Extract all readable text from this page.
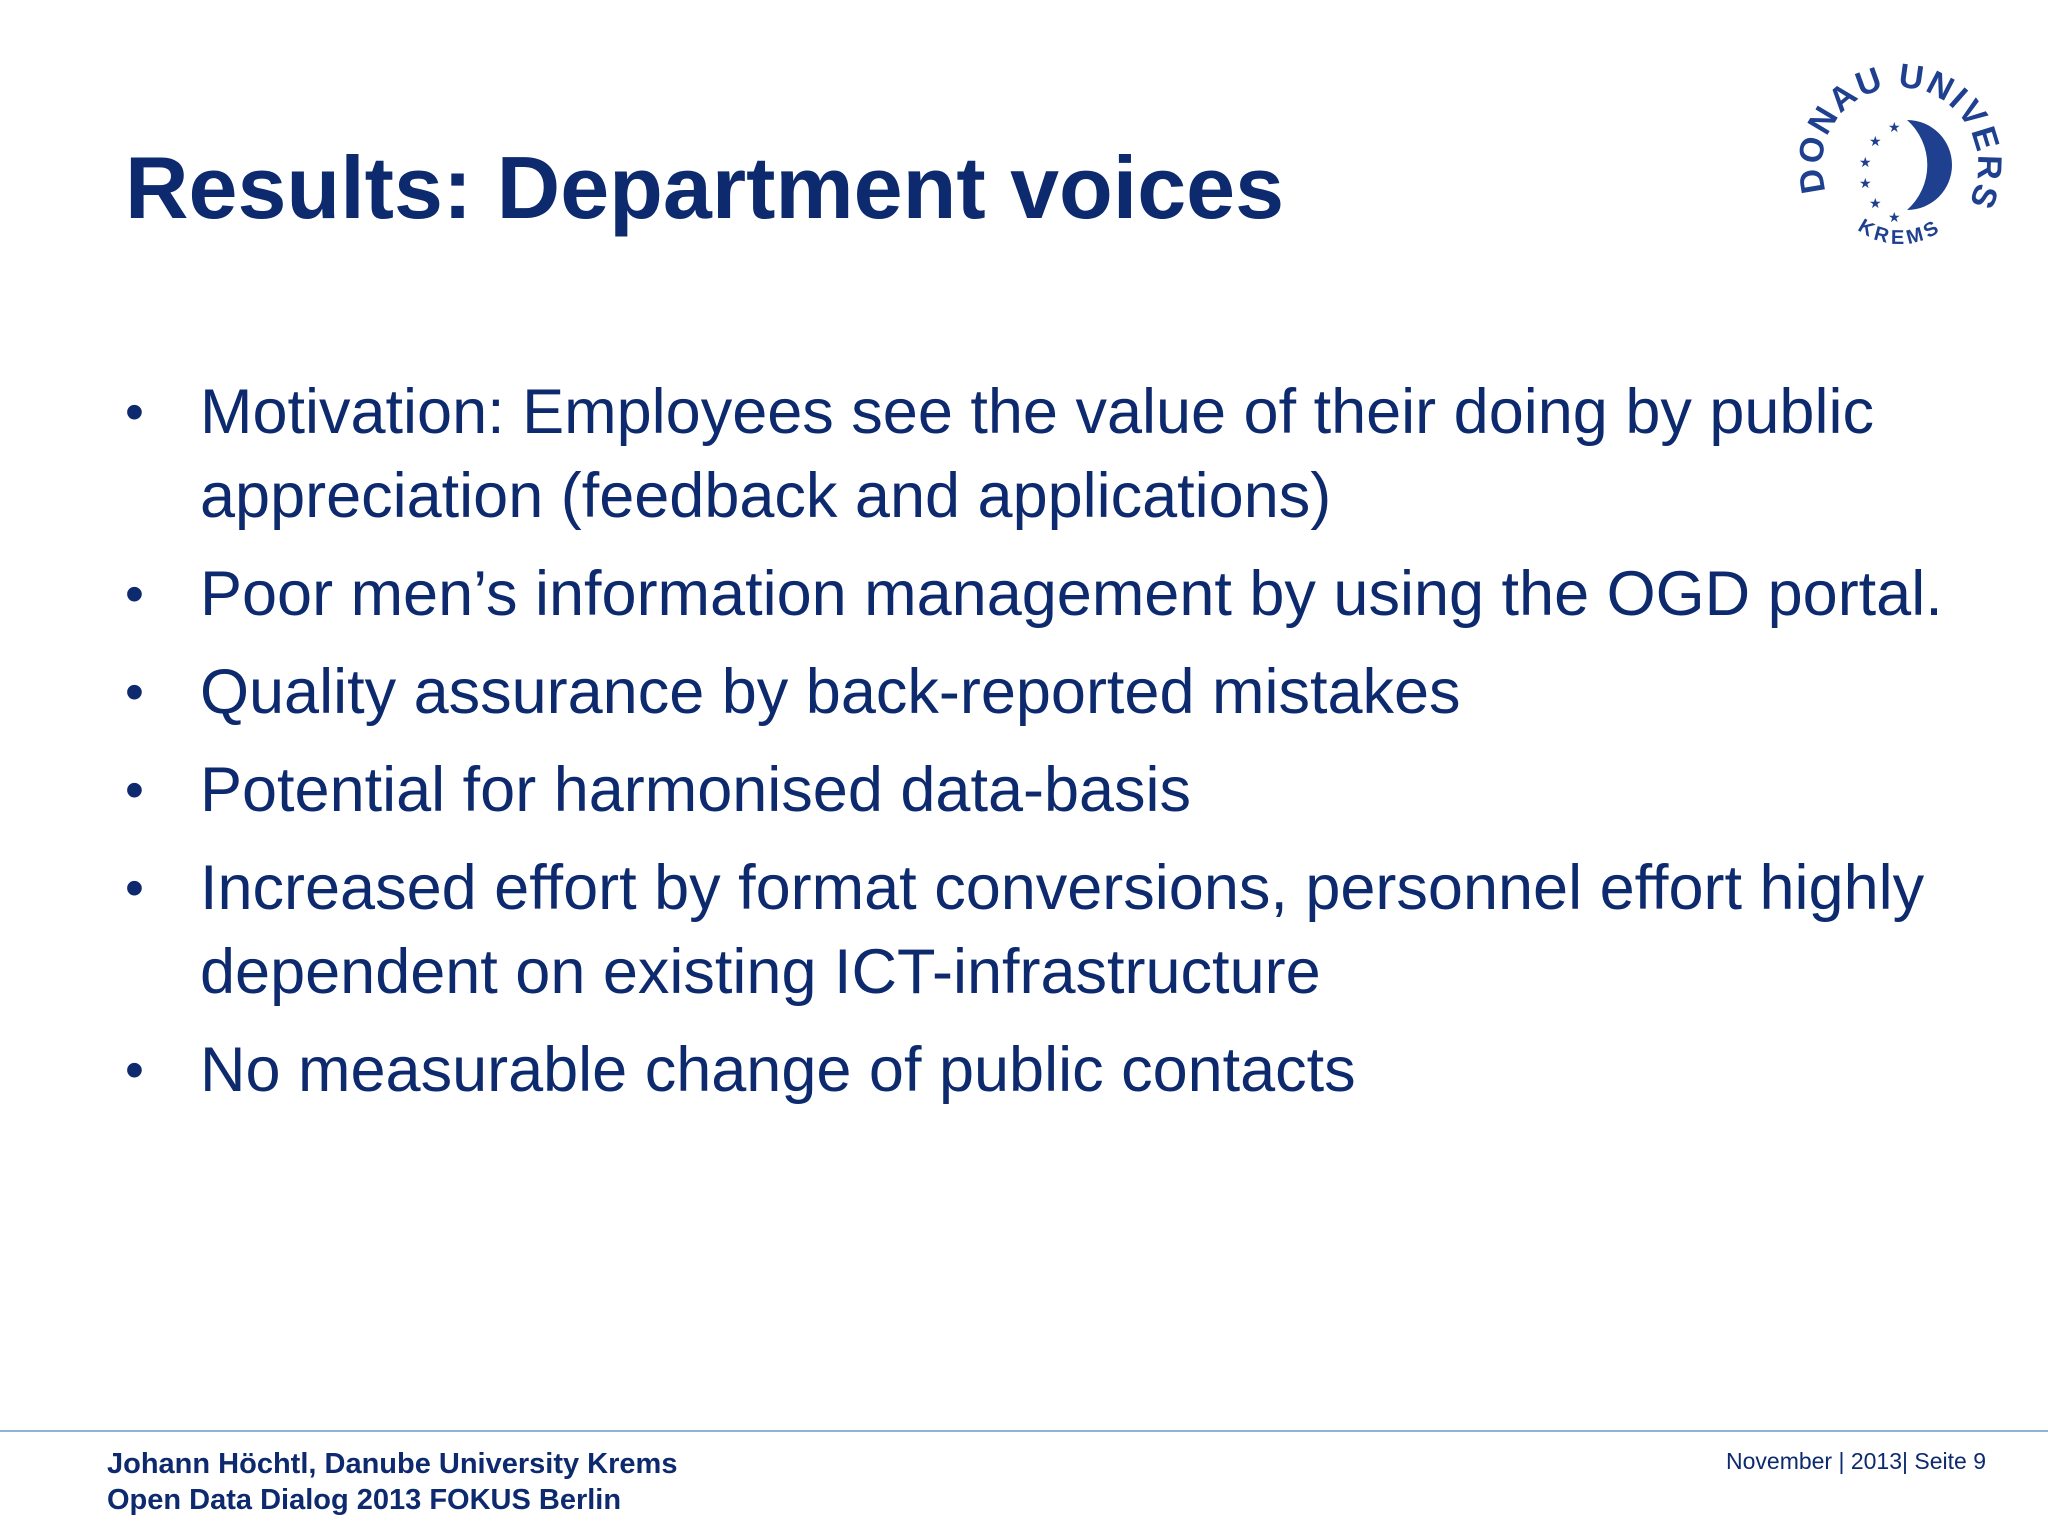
Results: Department voices	DONAU UNIVERS
KREMS
★
★
★
★
★
★
• Motivation: Employees see the value of their doing by public appreciation (feedback and applications)
• Poor men’s information management by using the OGD portal.
• Quality assurance by back-reported mistakes
• Potential for harmonised data-basis
• Increased effort by format conversions, personnel effort highly dependent on existing ICT-infrastructure
• No measurable change of public contacts
Johann Höchtl, Danube University Krems
Open Data Dialog 2013 FOKUS Berlin
November | 2013| Seite 9
